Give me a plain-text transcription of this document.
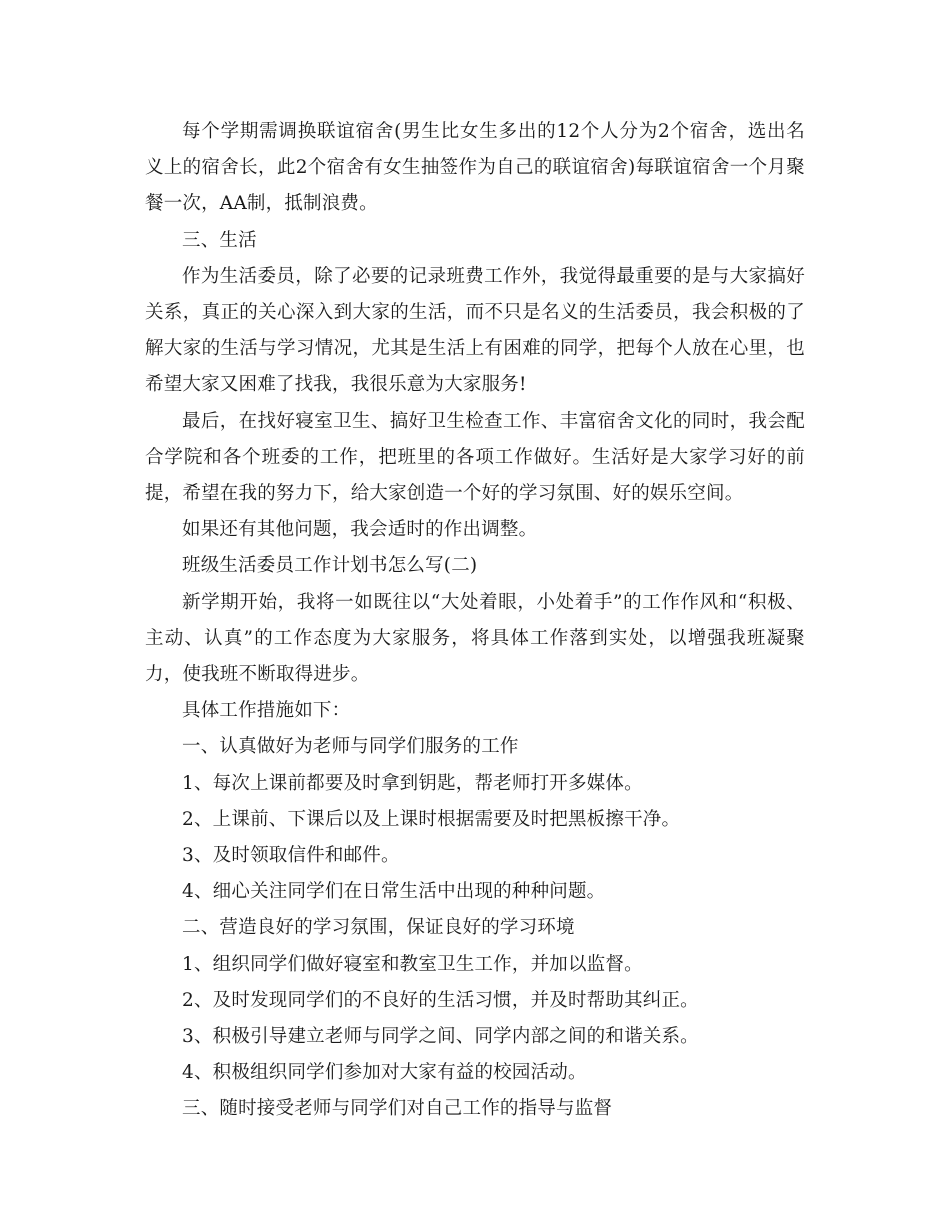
每个学期需调换联谊宿舍(男生比女生多出的12个人分为2个宿舍，选出名义上的宿舍长，此2个宿舍有女生抽签作为自己的联谊宿舍)每联谊宿舍一个月聚餐一次，AA制，抵制浪费。

三、生活

作为生活委员，除了必要的记录班费工作外，我觉得最重要的是与大家搞好关系，真正的关心深入到大家的生活，而不只是名义的生活委员，我会积极的了解大家的生活与学习情况，尤其是生活上有困难的同学，把每个人放在心里，也希望大家又困难了找我，我很乐意为大家服务!

最后，在找好寝室卫生、搞好卫生检查工作、丰富宿舍文化的同时，我会配合学院和各个班委的工作，把班里的各项工作做好。生活好是大家学习好的前提，希望在我的努力下，给大家创造一个好的学习氛围、好的娱乐空间。

如果还有其他问题，我会适时的作出调整。

班级生活委员工作计划书怎么写(二)

新学期开始，我将一如既往以“大处着眼，小处着手”的工作作风和“积极、主动、认真”的工作态度为大家服务，将具体工作落到实处，以增强我班凝聚力，使我班不断取得进步。

具体工作措施如下：

一、认真做好为老师与同学们服务的工作

1、每次上课前都要及时拿到钥匙，帮老师打开多媒体。

2、上课前、下课后以及上课时根据需要及时把黑板擦干净。

3、及时领取信件和邮件。

4、细心关注同学们在日常生活中出现的种种问题。

二、营造良好的学习氛围，保证良好的学习环境

1、组织同学们做好寝室和教室卫生工作，并加以监督。

2、及时发现同学们的不良好的生活习惯，并及时帮助其纠正。

3、积极引导建立老师与同学之间、同学内部之间的和谐关系。

4、积极组织同学们参加对大家有益的校园活动。

三、随时接受老师与同学们对自己工作的指导与监督
